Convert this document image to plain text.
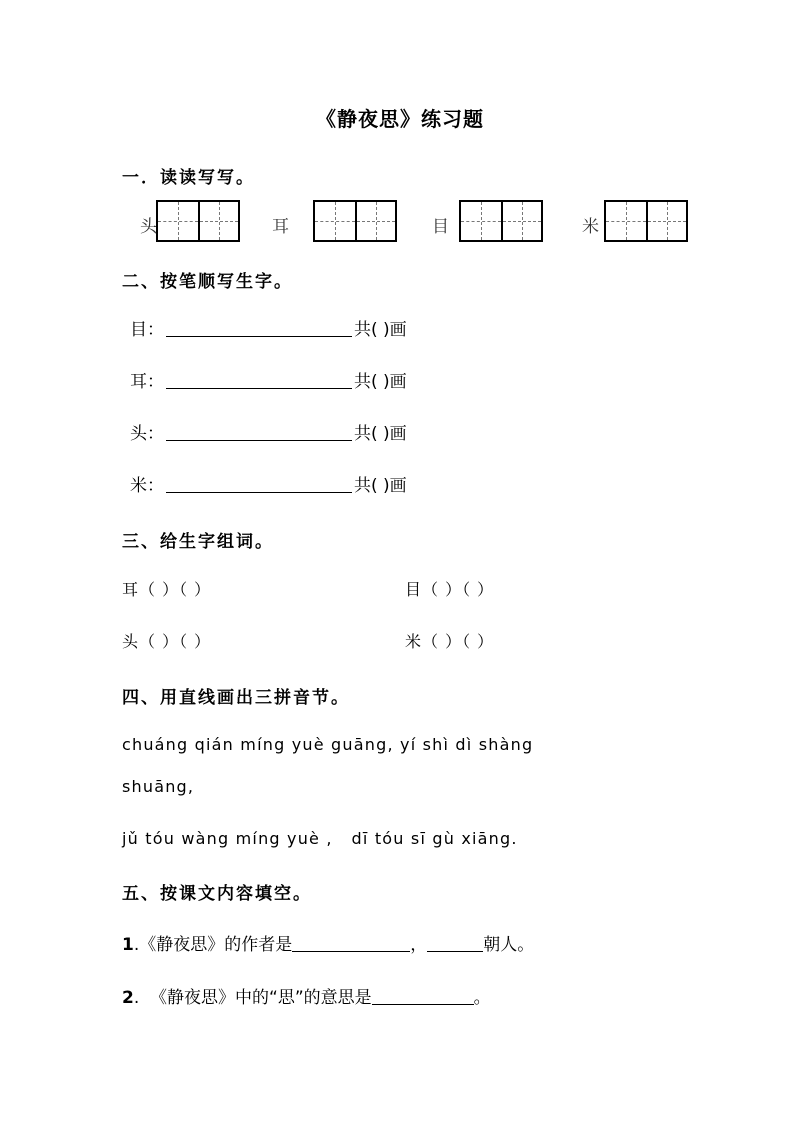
《静夜思》练习题
一．读读写写。
头	耳	目	米
二、按笔顺写生字。
目：	共( )画
耳：	共( )画
头：	共( )画
米：	共( )画
三、给生字组词。
耳（ ）（ ）	目（ ）（ ）
头（ ）（ ）	米（ ）（ ）
四、用直线画出三拼音节。
chuáng qián míng yuè guāng, yí shì dì shàng
shuāng,
jǔ tóu wàng míng yuè ,   dī tóu sī gù xiāng.
五、按课文内容填空。
1 .《静夜思》的作者是	，	朝人。
2 .  《静夜思》中的“思”的意思是	。
